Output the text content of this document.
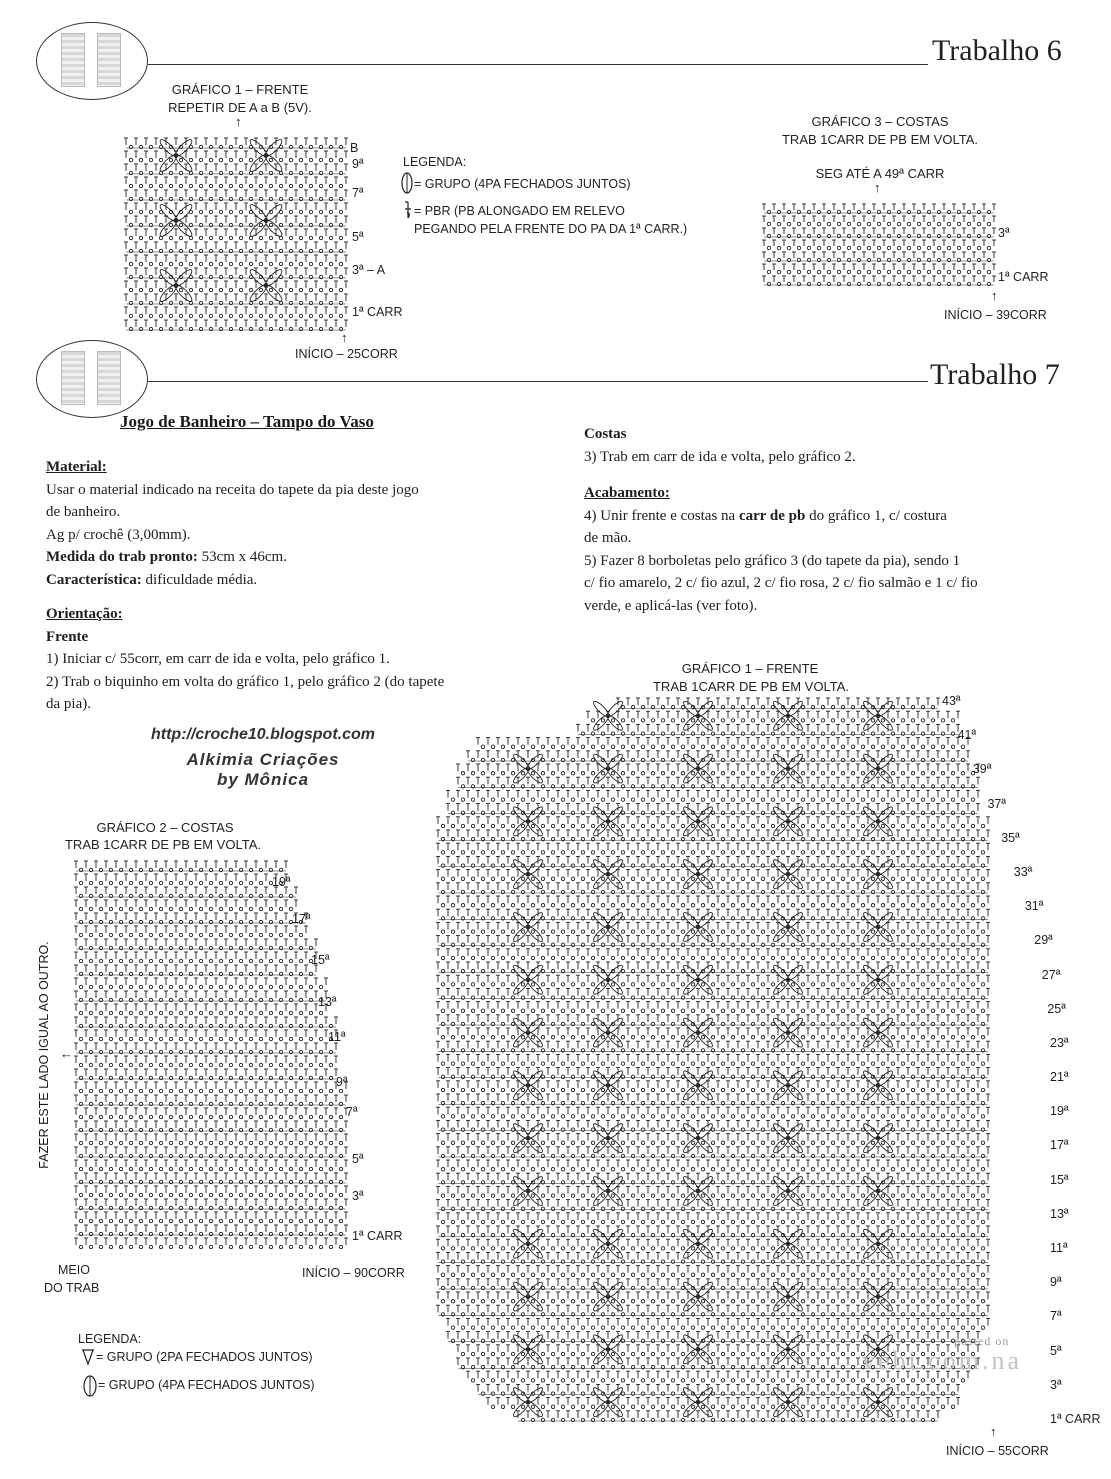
Trabalho 6
GRÁFICO 1 – FRENTE
REPETIR DE A a B (5V).
↑
B
9ª
7ª
5ª
3ª – A
1ª CARR
↑
INÍCIO – 25CORR
LEGENDA:
= GRUPO (4PA FECHADOS JUNTOS)
= PBR (PB ALONGADO EM RELEVO
PEGANDO PELA FRENTE DO PA DA 1ª CARR.)
GRÁFICO 3 – COSTAS
TRAB 1CARR DE PB EM VOLTA.
SEG ATÉ A 49ª CARR
↑
3ª
1ª CARR
↑
INÍCIO – 39CORR
Trabalho 7
Jogo de Banheiro – Tampo do Vaso

Material:

Usar o material indicado na receita do tapete da pia deste jogo

de banheiro.

Ag p/ crochê (3,00mm).

Medida do trab pronto: 53cm x 46cm.

Característica: dificuldade média.

Orientação:

Frente

1) Iniciar c/ 55corr, em carr de ida e volta, pelo gráfico 1.

2) Trab o biquinho em volta do gráfico 1, pelo gráfico 2 (do tapete

da pia).

Costas

3) Trab em carr de ida e volta, pelo gráfico 2.

Acabamento:

4) Unir frente e costas na carr de pb do gráfico 1, c/ costura

de mão.

5) Fazer 8 borboletas pelo gráfico 3 (do tapete da pia), sendo 1

c/ fio amarelo, 2 c/ fio azul, 2 c/ fio rosa, 2 c/ fio salmão e 1 c/ fio

verde, e aplicá-las (ver foto).

http://croche10.blogspot.com
Alkimia Criações
by Mônica
GRÁFICO 2 – COSTAS
TRAB 1CARR DE PB EM VOLTA.
19ª
17ª
15ª
13ª
11ª
9ª
7ª
5ª
3ª
1ª CARR
FAZER ESTE LADO IGUAL AO OUTRO. ←
MEIO
DO TRAB
INÍCIO – 90CORR
LEGENDA:
= GRUPO (2PA FECHADOS JUNTOS)
= GRUPO (4PA FECHADOS JUNTOS)
GRÁFICO 1 – FRENTE
TRAB 1CARR DE PB EM VOLTA.
43ª
41ª
39ª
37ª
35ª
33ª
31ª
29ª
27ª
25ª
23ª
21ª
19ª
17ª
15ª
13ª
11ª
9ª
7ª
5ª
3ª
1ª CARR
↑
INÍCIO – 55CORR
posted on
vebi.com.na
